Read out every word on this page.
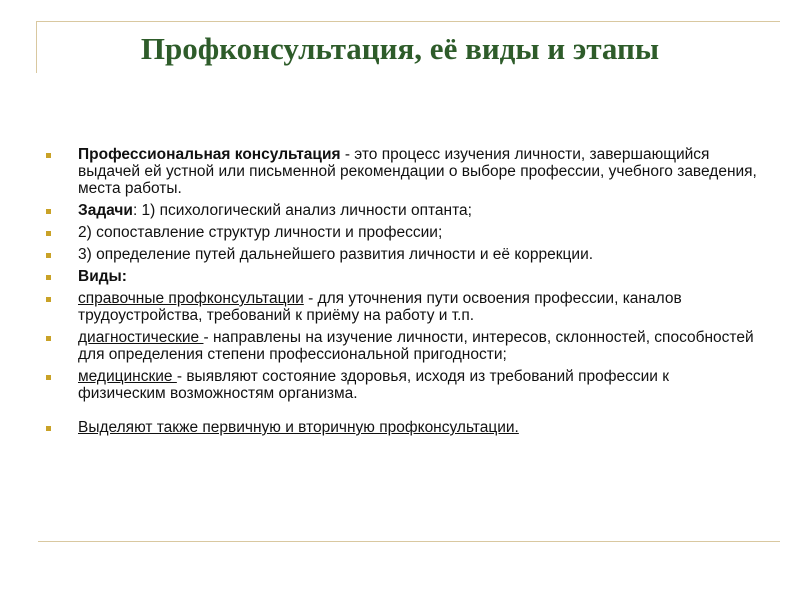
Профконсультация, её виды и этапы
Профессиональная консультация - это процесс изучения личности, завершающийся выдачей ей устной или письменной рекомендации о выборе профессии, учебного заведения, места работы.
Задачи: 1) психологический анализ личности оптанта;
2) сопоставление структур личности и профессии;
3) определение путей дальнейшего развития личности и её коррекции.
Виды:
справочные профконсультации - для уточнения пути освоения профессии, каналов трудоустройства, требований к приёму на работу и т.п.
диагностические - направлены на изучение личности, интересов, склонностей, способностей для определения степени профессиональной пригодности;
медицинские - выявляют состояние здоровья, исходя из требований профессии к физическим возможностям организма.
Выделяют также первичную и вторичную профконсультации.
